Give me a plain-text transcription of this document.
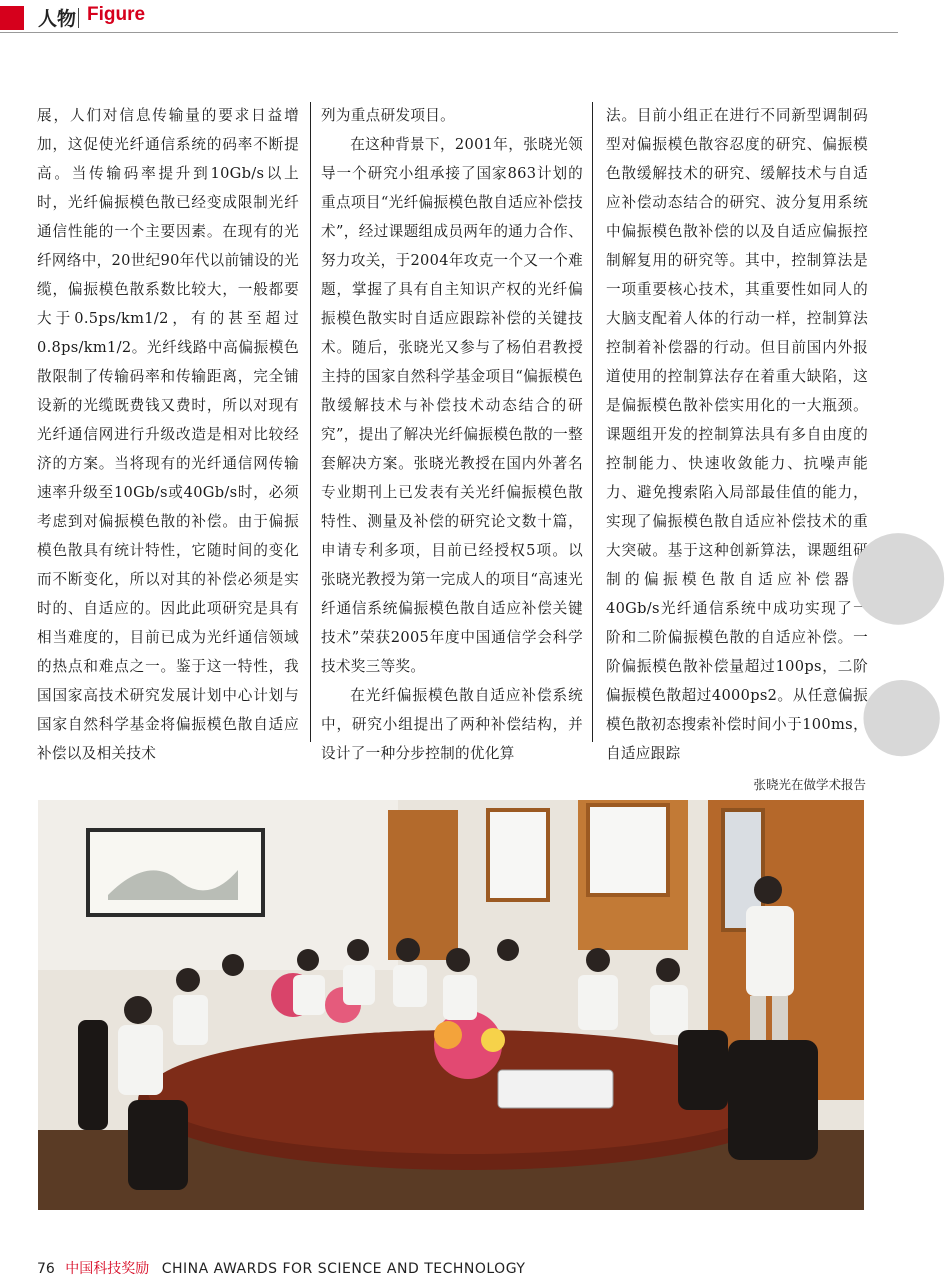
人物 Figure

展，人们对信息传输量的要求日益增加，这促使光纤通信系统的码率不断提高。当传输码率提升到10Gb/s以上时，光纤偏振模色散已经变成限制光纤通信性能的一个主要因素。在现有的光纤网络中，20世纪90年代以前铺设的光缆，偏振模色散系数比较大，一般都要大于0.5ps/km1/2，有的甚至超过0.8ps/km1/2。光纤线路中高偏振模色散限制了传输码率和传输距离，完全铺设新的光缆既费钱又费时，所以对现有光纤通信网进行升级改造是相对比较经济的方案。当将现有的光纤通信网传输速率升级至10Gb/s或40Gb/s时，必须考虑到对偏振模色散的补偿。由于偏振模色散具有统计特性，它随时间的变化而不断变化，所以对其的补偿必须是实时的、自适应的。因此此项研究是具有相当难度的，目前已成为光纤通信领域的热点和难点之一。鉴于这一特性，我国国家高技术研究发展计划中心计划与国家自然科学基金将偏振模色散自适应补偿以及相关技术

列为重点研发项目。

在这种背景下，2001年，张晓光领导一个研究小组承接了国家863计划的重点项目“光纤偏振模色散自适应补偿技术”，经过课题组成员两年的通力合作、努力攻关，于2004年攻克一个又一个难题，掌握了具有自主知识产权的光纤偏振模色散实时自适应跟踪补偿的关键技术。随后，张晓光又参与了杨伯君教授主持的国家自然科学基金项目“偏振模色散缓解技术与补偿技术动态结合的研究”，提出了解决光纤偏振模色散的一整套解决方案。张晓光教授在国内外著名专业期刊上已发表有关光纤偏振模色散特性、测量及补偿的研究论文数十篇，申请专利多项，目前已经授权5项。以张晓光教授为第一完成人的项目“高速光纤通信系统偏振模色散自适应补偿关键技术”荣获2005年度中国通信学会科学技术奖三等奖。

在光纤偏振模色散自适应补偿系统中，研究小组提出了两种补偿结构，并设计了一种分步控制的优化算

法。目前小组正在进行不同新型调制码型对偏振模色散容忍度的研究、偏振模色散缓解技术的研究、缓解技术与自适应补偿动态结合的研究、波分复用系统中偏振模色散补偿的以及自适应偏振控制解复用的研究等。其中，控制算法是一项重要核心技术，其重要性如同人的大脑支配着人体的行动一样，控制算法控制着补偿器的行动。但目前国内外报道使用的控制算法存在着重大缺陷，这是偏振模色散补偿实用化的一大瓶颈。课题组开发的控制算法具有多自由度的控制能力、快速收敛能力、抗噪声能力、避免搜索陷入局部最佳值的能力，实现了偏振模色散自适应补偿技术的重大突破。基于这种创新算法，课题组研制的偏振模色散自适应补偿器在40Gb/s光纤通信系统中成功实现了一阶和二阶偏振模色散的自适应补偿。一阶偏振模色散补偿量超过100ps，二阶偏振模色散超过4000ps2。从任意偏振模色散初态搜索补偿时间小于100ms，自适应跟踪

●
●
张晓光在做学术报告
76 中国科技奖励 CHINA AWARDS FOR SCIENCE AND TECHNOLOGY
